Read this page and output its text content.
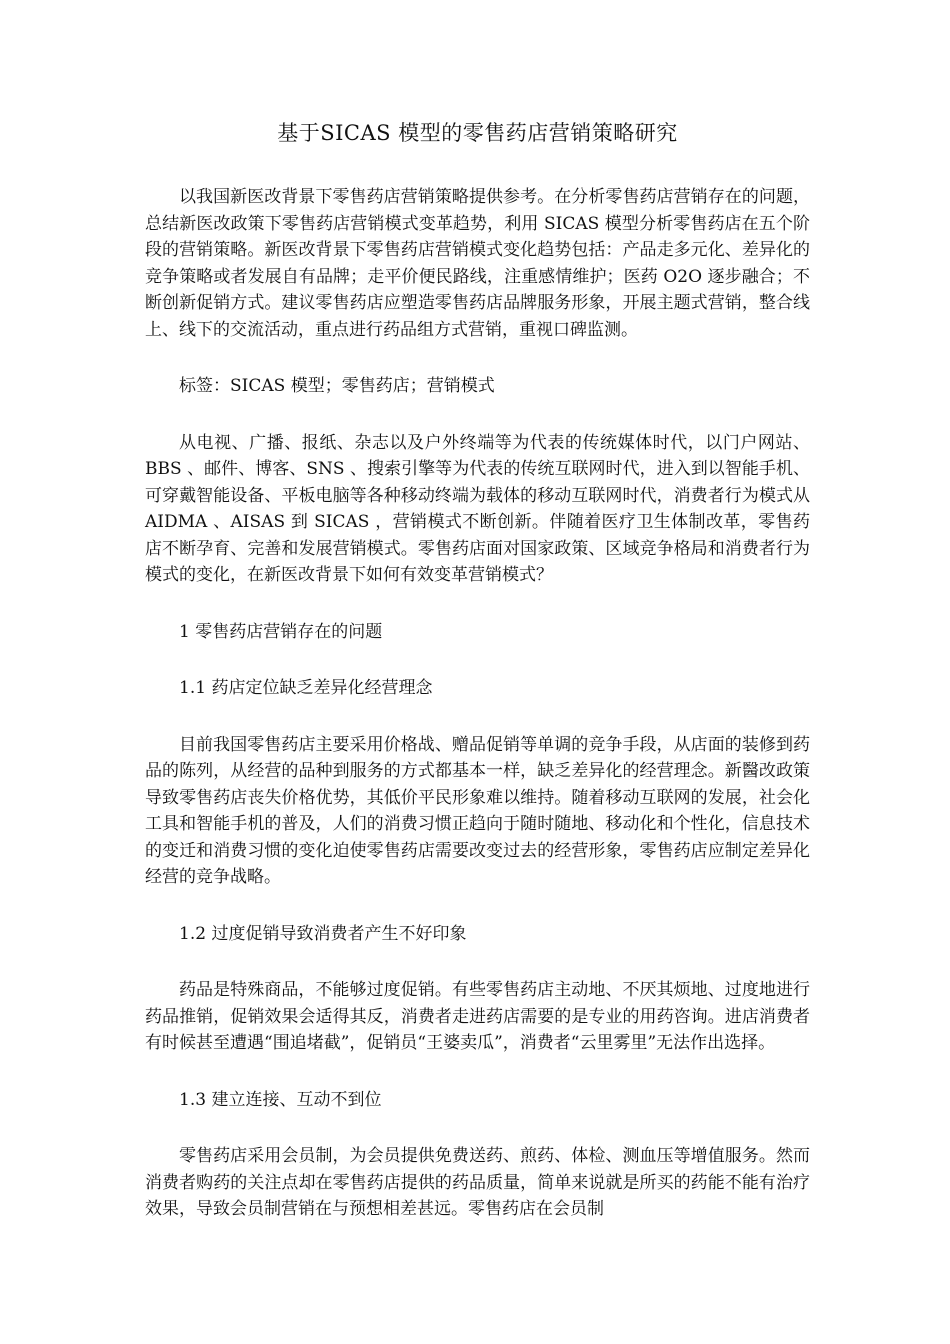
基于SICAS 模型的零售药店营销策略研究

以我国新医改背景下零售药店营销策略提供参考。在分析零售药店营销存在的问题，总结新医改政策下零售药店营销模式变革趋势，利用 SICAS 模型分析零售药店在五个阶段的营销策略。新医改背景下零售药店营销模式变化趋势包括：产品走多元化、差异化的竞争策略或者发展自有品牌；走平价便民路线，注重感情维护；医药 O2O 逐步融合；不断创新促销方式。建议零售药店应塑造零售药店品牌服务形象，开展主题式营销，整合线上、线下的交流活动，重点进行药品组方式营销，重视口碑监测。

标签：SICAS 模型；零售药店；营销模式

从电视、广播、报纸、杂志以及户外终端等为代表的传统媒体时代，以门户网站、BBS 、邮件、博客、SNS 、搜索引擎等为代表的传统互联网时代，进入到以智能手机、可穿戴智能设备、平板电脑等各种移动终端为载体的移动互联网时代，消费者行为模式从 AIDMA 、AISAS 到 SICAS ，营销模式不断创新。伴随着医疗卫生体制改革，零售药店不断孕育、完善和发展营销模式。零售药店面对国家政策、区域竞争格局和消费者行为模式的变化，在新医改背景下如何有效变革营销模式？

1 零售药店营销存在的问题

1.1 药店定位缺乏差异化经营理念

目前我国零售药店主要采用价格战、赠品促销等单调的竞争手段，从店面的装修到药品的陈列，从经营的品种到服务的方式都基本一样，缺乏差异化的经营理念。新醫改政策导致零售药店丧失价格优势，其低价平民形象难以维持。随着移动互联网的发展，社会化工具和智能手机的普及，人们的消费习惯正趋向于随时随地、移动化和个性化，信息技术的变迁和消费习惯的变化迫使零售药店需要改变过去的经营形象，零售药店应制定差异化经营的竞争战略。

1.2 过度促销导致消费者产生不好印象

药品是特殊商品，不能够过度促销。有些零售药店主动地、不厌其烦地、过度地进行药品推销，促销效果会适得其反，消费者走进药店需要的是专业的用药咨询。进店消费者有时候甚至遭遇“围追堵截”，促销员“王婆卖瓜”，消费者“云里雾里”无法作出选择。

1.3 建立连接、互动不到位

零售药店采用会员制，为会员提供免费送药、煎药、体检、测血压等增值服务。然而消费者购药的关注点却在零售药店提供的药品质量，简单来说就是所买的药能不能有治疗效果，导致会员制营销在与预想相差甚远。零售药店在会员制
